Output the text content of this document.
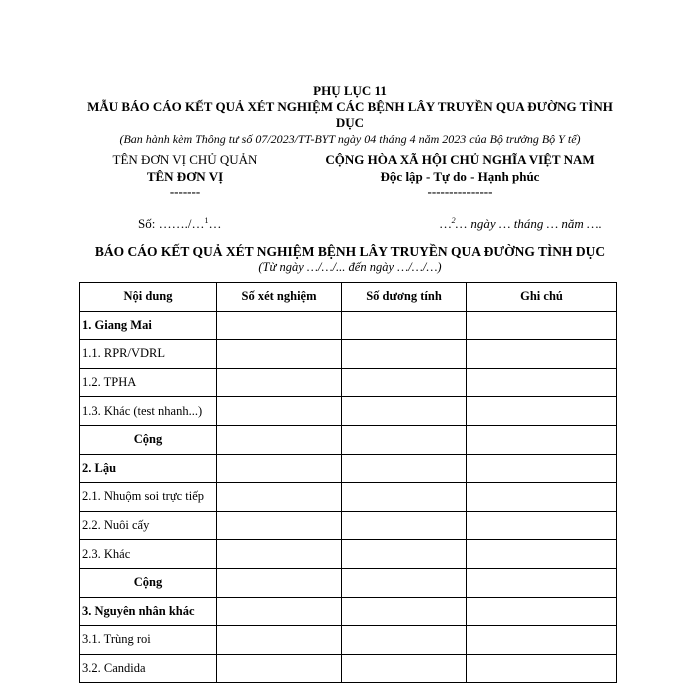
PHỤ LỤC 11
MẪU BÁO CÁO KẾT QUẢ XÉT NGHIỆM CÁC BỆNH LÂY TRUYỀN QUA ĐƯỜNG TÌNH
DỤC
(Ban hành kèm Thông tư số 07/2023/TT-BYT ngày 04 tháng 4 năm 2023 của Bộ trưởng Bộ Y tế)
TÊN ĐƠN VỊ CHỦ QUẢN
TÊN ĐƠN VỊ
-------
CỘNG HÒA XÃ HỘI CHỦ NGHĨA VIỆT NAM
Độc lập - Tự do - Hạnh phúc
---------------
Số: ……./…$^1$…	…$^2$… ngày … tháng … năm ….
BÁO CÁO KẾT QUẢ XÉT NGHIỆM BỆNH LÂY TRUYỀN QUA ĐƯỜNG TÌNH DỤC
(Từ ngày …/…/... đến ngày …/…/…)
Nội dung	Số xét nghiệm	Số dương tính	Ghi chú
1. Giang Mai			
1.1. RPR/VDRL			
1.2. TPHA			
1.3. Khác (test nhanh...)			
Cộng			
2. Lậu			
2.1. Nhuộm soi trực tiếp			
2.2. Nuôi cấy			
2.3. Khác			
Cộng			
3. Nguyên nhân khác			
3.1. Trùng roi			
3.2. Candida			
